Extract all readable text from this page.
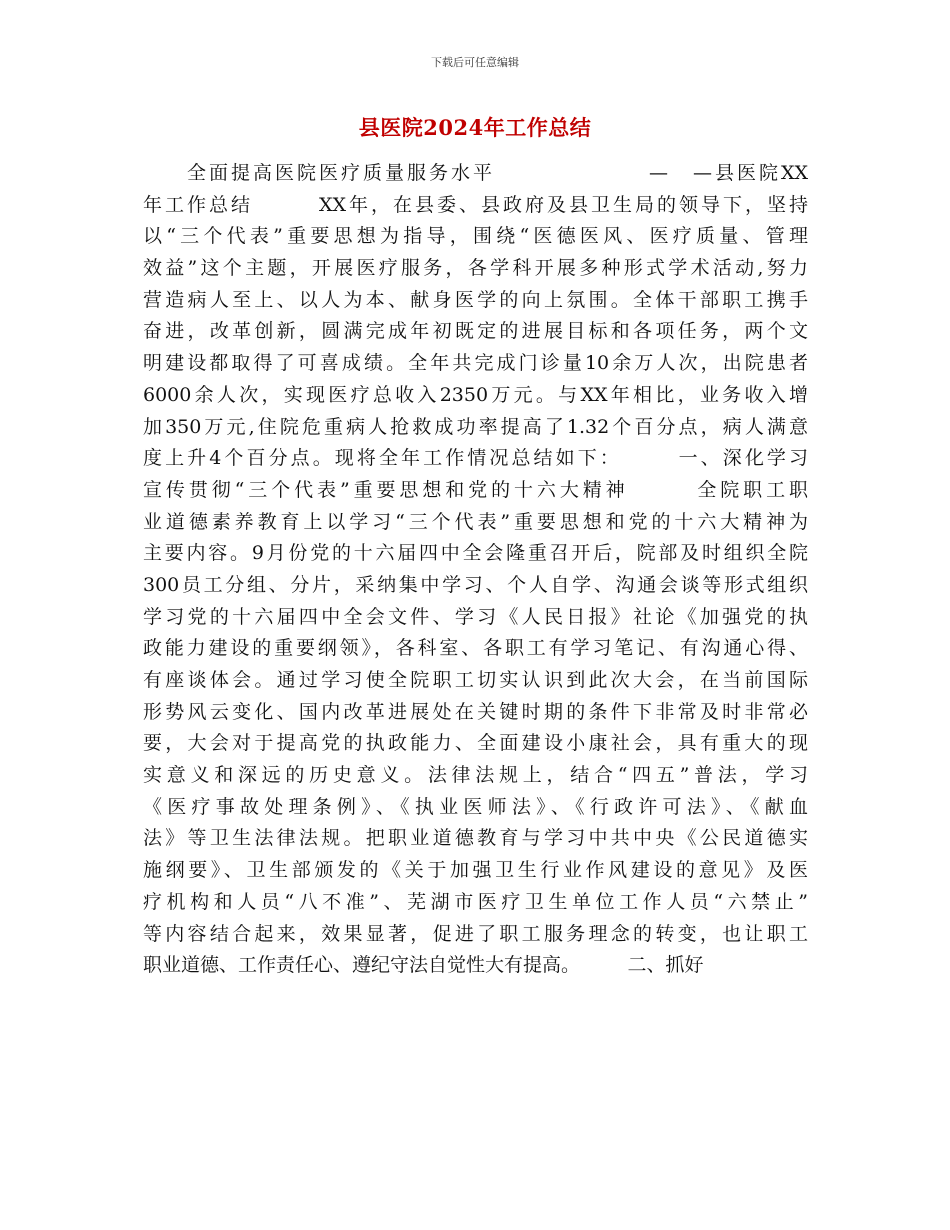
下载后可任意编辑
县医院2024年工作总结
　　全面提高医院医疗质量服务水平　　　　　　　—　—县医院XX
年工作总结　　　XX年，在县委、县政府及县卫生局的领导下，坚持
以“三个代表”重要思想为指导，围绕“医德医风、医疗质量、管理
效益”这个主题，开展医疗服务，各学科开展多种形式学术活动,努力
营造病人至上、以人为本、献身医学的向上氛围。全体干部职工携手
奋进，改革创新，圆满完成年初既定的进展目标和各项任务，两个文
明建设都取得了可喜成绩。全年共完成门诊量10余万人次，出院患者
6000余人次，实现医疗总收入2350万元。与XX年相比，业务收入增
加350万元,住院危重病人抢救成功率提高了1.32个百分点，病人满意
度上升4个百分点。现将全年工作情况总结如下：　　　一、深化学习
宣传贯彻“三个代表”重要思想和党的十六大精神　　　全院职工职
业道德素养教育上以学习“三个代表”重要思想和党的十六大精神为
主要内容。9月份党的十六届四中全会隆重召开后，院部及时组织全院
300员工分组、分片，采纳集中学习、个人自学、沟通会谈等形式组织
学习党的十六届四中全会文件、学习《人民日报》社论《加强党的执
政能力建设的重要纲领》，各科室、各职工有学习笔记、有沟通心得、
有座谈体会。通过学习使全院职工切实认识到此次大会，在当前国际
形势风云变化、国内改革进展处在关键时期的条件下非常及时非常必
要，大会对于提高党的执政能力、全面建设小康社会，具有重大的现
实意义和深远的历史意义。法律法规上，结合“四五”普法，学习
《医疗事故处理条例》、《执业医师法》、《行政许可法》、《献血
法》等卫生法律法规。把职业道德教育与学习中共中央《公民道德实
施纲要》、卫生部颁发的《关于加强卫生行业作风建设的意见》及医
疗机构和人员“八不准”、芜湖市医疗卫生单位工作人员“六禁止”
等内容结合起来，效果显著，促进了职工服务理念的转变，也让职工
职业道德、工作责任心、遵纪守法自觉性大有提高。　　　二、抓好
